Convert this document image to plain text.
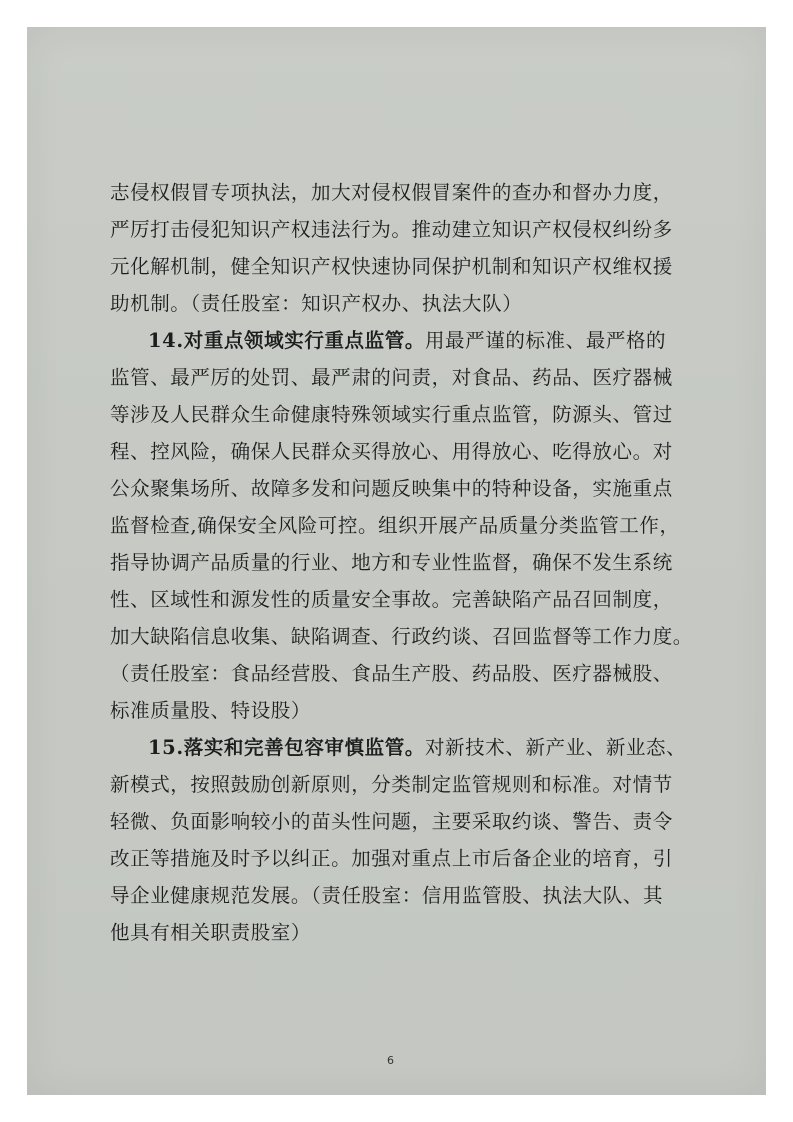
志侵权假冒专项执法，加大对侵权假冒案件的查办和督办力度，
严厉打击侵犯知识产权违法行为。推动建立知识产权侵权纠纷多
元化解机制，健全知识产权快速协同保护机制和知识产权维权援
助机制。（责任股室：知识产权办、执法大队）
14.对重点领域实行重点监管。用最严谨的标准、最严格的
监管、最严厉的处罚、最严肃的问责，对食品、药品、医疗器械
等涉及人民群众生命健康特殊领域实行重点监管，防源头、管过
程、控风险，确保人民群众买得放心、用得放心、吃得放心。对
公众聚集场所、故障多发和问题反映集中的特种设备，实施重点
监督检查,确保安全风险可控。组织开展产品质量分类监管工作，
指导协调产品质量的行业、地方和专业性监督，确保不发生系统
性、区域性和源发性的质量安全事故。完善缺陷产品召回制度，
加大缺陷信息收集、缺陷调查、行政约谈、召回监督等工作力度。
（责任股室：食品经营股、食品生产股、药品股、医疗器械股、
标准质量股、特设股）
15.落实和完善包容审慎监管。对新技术、新产业、新业态、
新模式，按照鼓励创新原则，分类制定监管规则和标准。对情节
轻微、负面影响较小的苗头性问题，主要采取约谈、警告、责令
改正等措施及时予以纠正。加强对重点上市后备企业的培育，引
导企业健康规范发展。（责任股室：信用监管股、执法大队、其
他具有相关职责股室）
6
